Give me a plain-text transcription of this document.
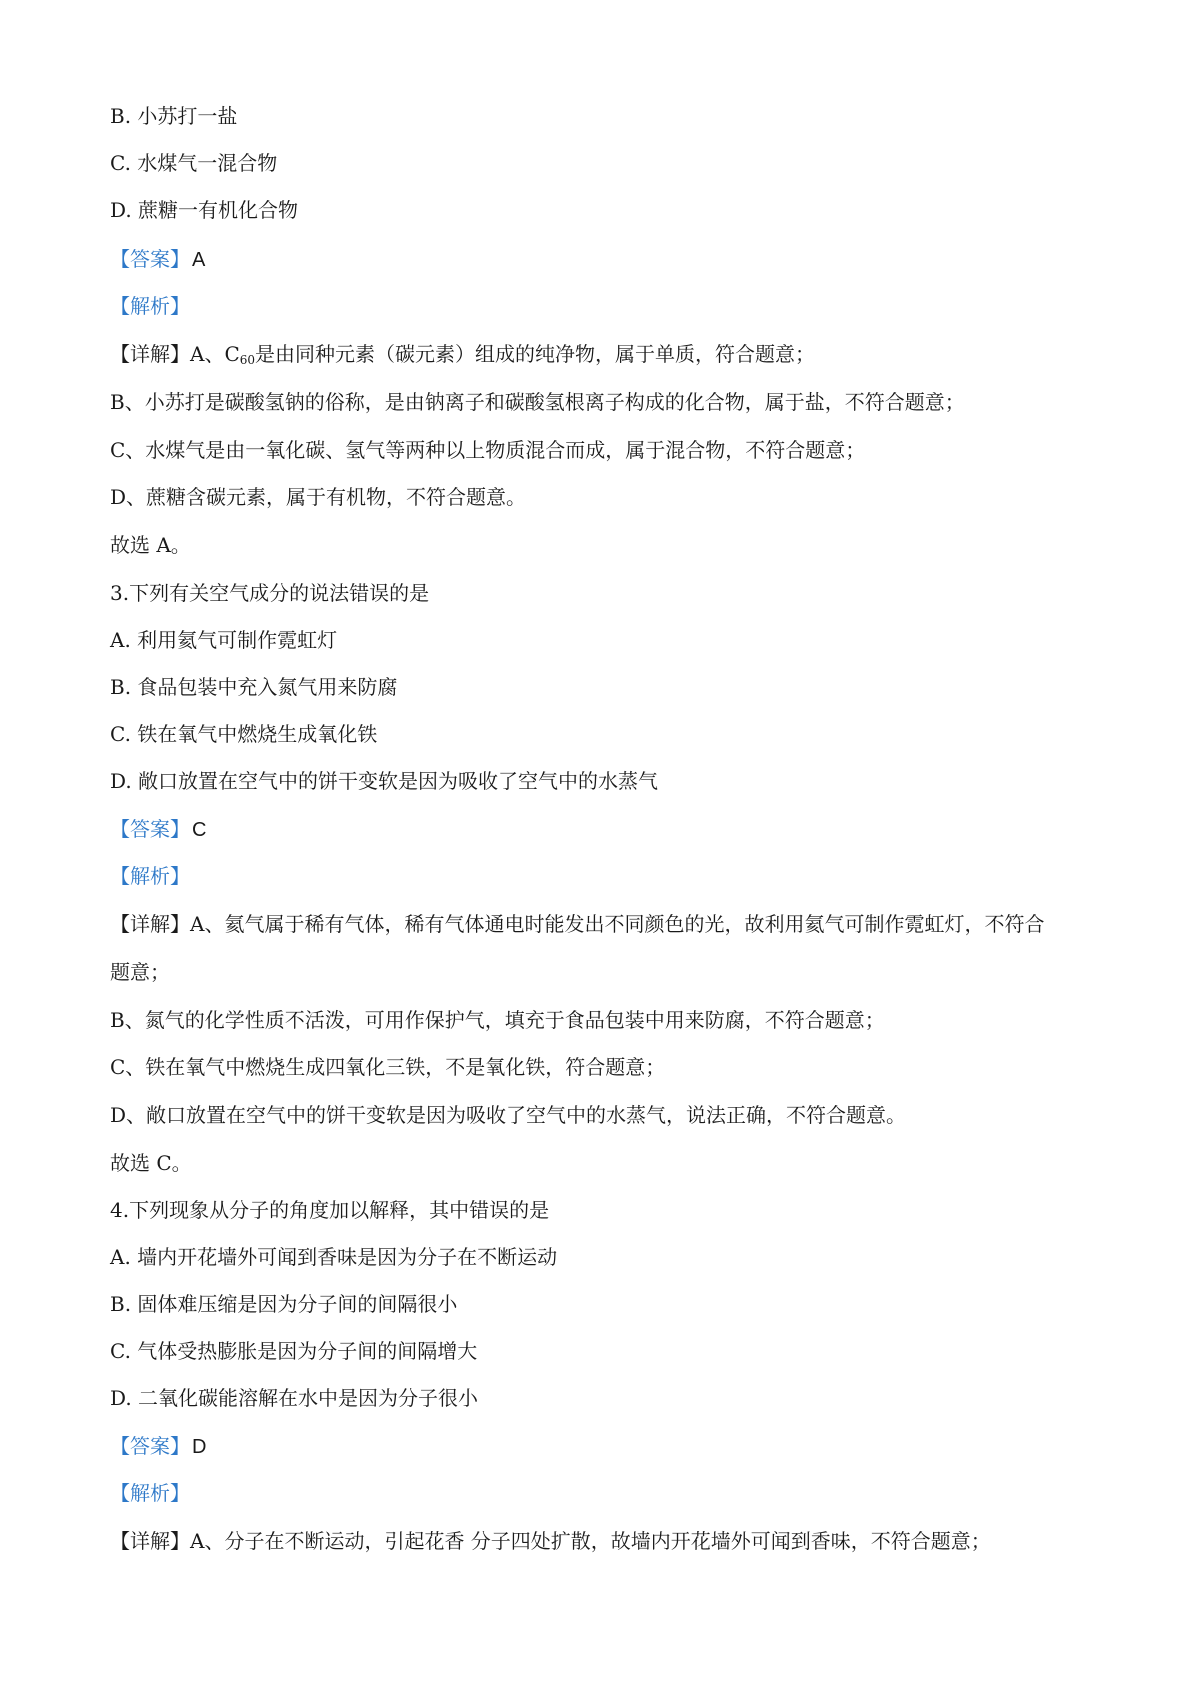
B. 小苏打一盐
C. 水煤气一混合物
D. 蔗糖一有机化合物
【答案】 A
【解析】
【详解】A、$C_{60}$是由同种元素（碳元素）组成的纯净物，属于单质，符合题意；
B、小苏打是碳酸氢钠的俗称，是由钠离子和碳酸氢根离子构成的化合物，属于盐，不符合题意；
C、水煤气是由一氧化碳、氢气等两种以上物质混合而成，属于混合物，不符合题意；
D、蔗糖含碳元素，属于有机物，不符合题意。
故选 A。
3.下列有关空气成分的说法错误的是
A. 利用氦气可制作霓虹灯
B. 食品包装中充入氮气用来防腐
C. 铁在氧气中燃烧生成氧化铁
D. 敞口放置在空气中的饼干变软是因为吸收了空气中的水蒸气
【答案】 C
【解析】
【详解】A、氦气属于稀有气体，稀有气体通电时能发出不同颜色的光，故利用氦气可制作霓虹灯，不符合
题意；
B、氮气的化学性质不活泼，可用作保护气，填充于食品包装中用来防腐，不符合题意；
C、铁在氧气中燃烧生成四氧化三铁，不是氧化铁，符合题意；
D、敞口放置在空气中的饼干变软是因为吸收了空气中的水蒸气，说法正确，不符合题意。
故选 C。
4.下列现象从分子的角度加以解释，其中错误的是
A. 墙内开花墙外可闻到香味是因为分子在不断运动
B. 固体难压缩是因为分子间的间隔很小
C. 气体受热膨胀是因为分子间的间隔增大
D. 二氧化碳能溶解在水中是因为分子很小
【答案】 D
【解析】
【详解】A、分子在不断运动，引起花香 分子四处扩散，故墙内开花墙外可闻到香味，不符合题意；
